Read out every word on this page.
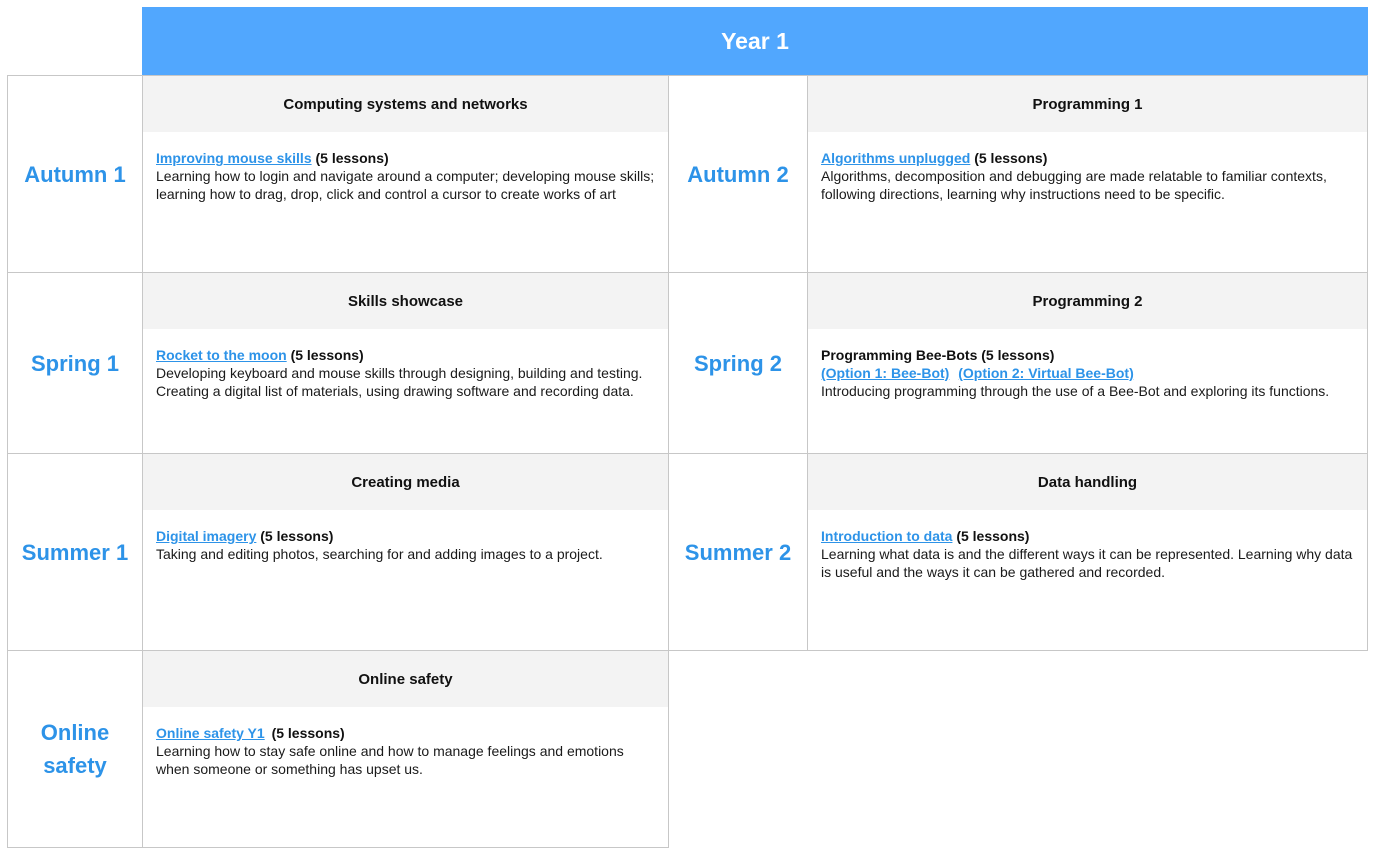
Year 1
Autumn 1
Computing systems and networks
Improving mouse skills (5 lessons)
Learning how to login and navigate around a computer; developing mouse skills; learning how to drag, drop, click and control a cursor to create works of art
Autumn 2
Programming 1
Algorithms unplugged (5 lessons)
Algorithms, decomposition and debugging are made relatable to familiar contexts, following directions, learning why instructions need to be specific.
Spring 1
Skills showcase
Rocket to the moon (5 lessons)
Developing keyboard and mouse skills through designing, building and testing. Creating a digital list of materials, using drawing software and recording data.
Spring 2
Programming 2
Programming Bee-Bots (5 lessons)
(Option 1: Bee-Bot) (Option 2: Virtual Bee-Bot)
Introducing programming through the use of a Bee-Bot and exploring its functions.
Summer 1
Creating media
Digital imagery (5 lessons)
Taking and editing photos, searching for and adding images to a project.	Summer 2
Data handling
Introduction to data (5 lessons)
Learning what data is and the different ways it can be represented. Learning why data is useful and the ways it can be gathered and recorded.
Online
safety
Online safety
Online safety Y1 (5 lessons)
Learning how to stay safe online and how to manage feelings and emotions when someone or something has upset us.
